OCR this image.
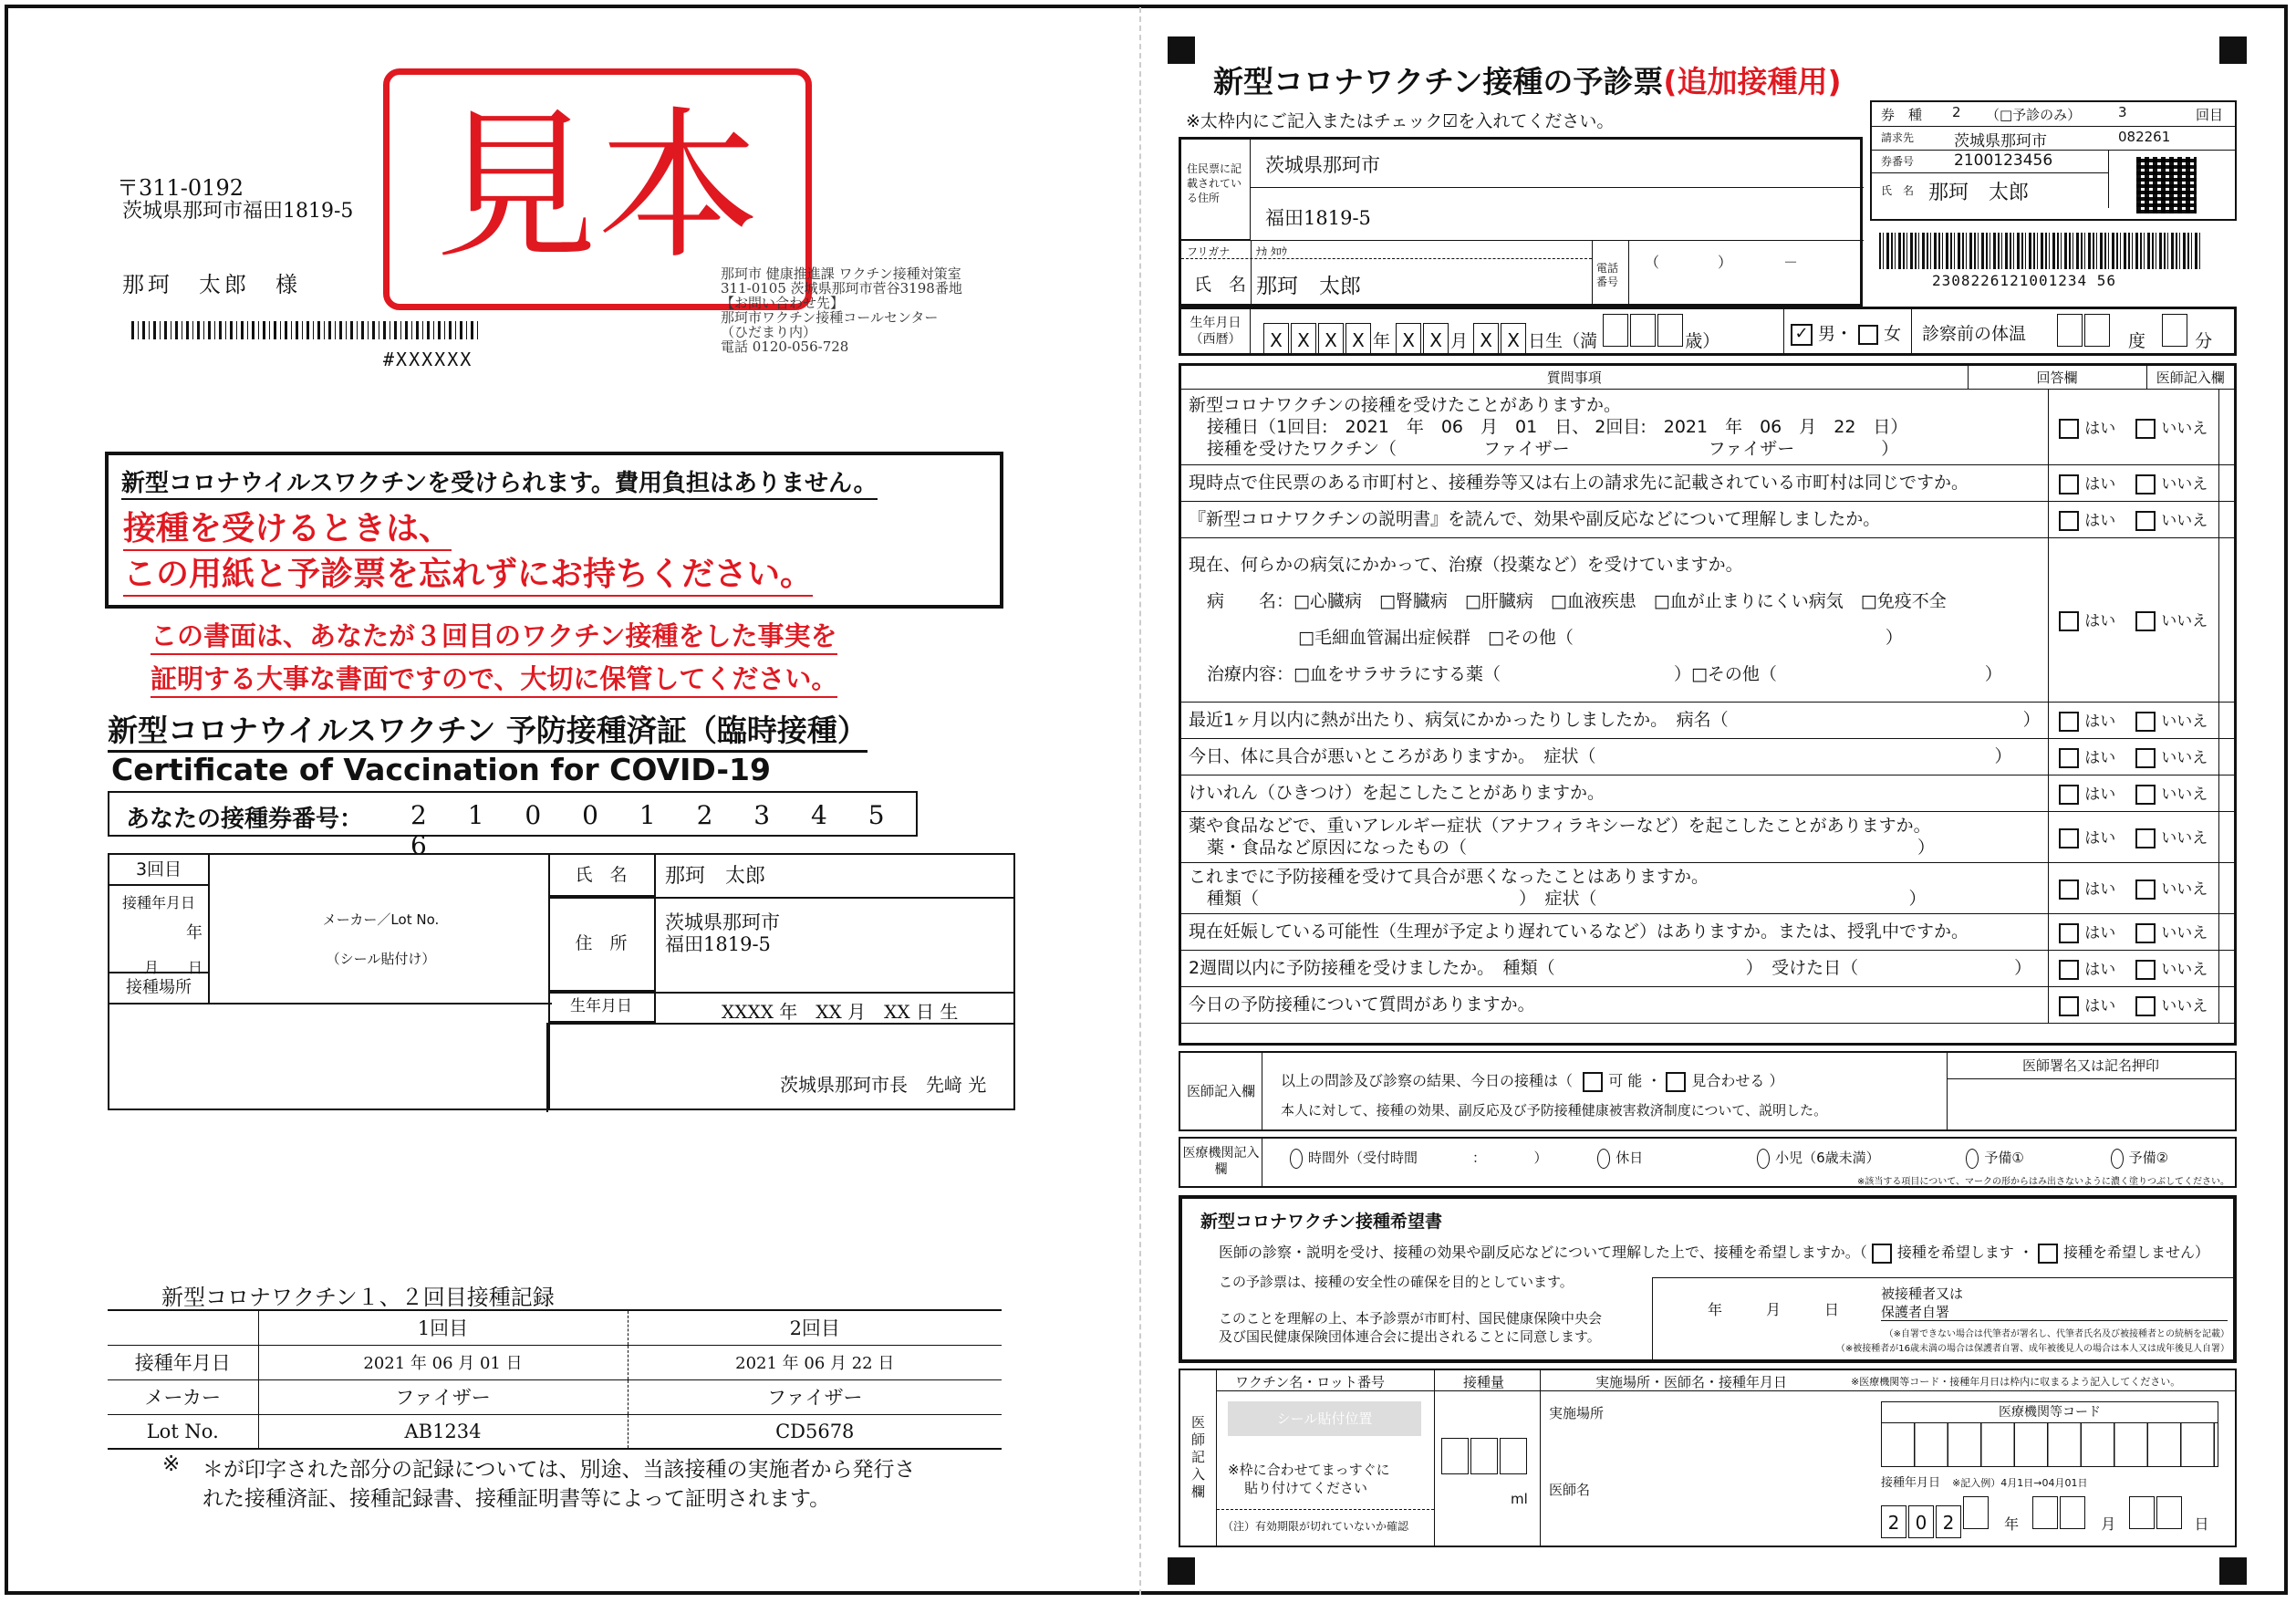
〒311-0192
茨城県那珂市福田1819-5
那珂　太郎　様
#XXXXXX
見本
那珂市 健康推進課 ワクチン接種対策室
311-0105 茨城県那珂市菅谷3198番地
【お問い合わせ先】
那珂市ワクチン接種コールセンター
（ひだまり内）
電話 0120-056-728
新型コロナウイルスワクチンを受けられます。費用負担はありません。
接種を受けるときは、
この用紙と予診票を忘れずにお持ちください。
この書面は、あなたが３回目のワクチン接種をした事実を
証明する大事な書面ですので、大切に保管してください。
新型コロナウイルスワクチン 予防接種済証（臨時接種）
Certificate of Vaccination for COVID-19
あなたの接種券番号： 2 1 0 0 1 2 3 4 5 6
3回目
接種年月日
年
月　　日
接種場所
メーカー／Lot No.
（シール貼付け）
氏　名	那珂　太郎
住　所
茨城県那珂市
福田1819-5
生年月日	XXXX 年　XX 月　XX 日 生
茨城県那珂市長　先﨑 光
新型コロナワクチン１、２回目接種記録
	1回目	2回目
接種年月日	2021 年 06 月 01 日	2021 年 06 月 22 日
メーカー	ファイザー	ファイザー
Lot No.	AB1234	CD5678
※ ＊が印字された部分の記録については、別途、当該接種の実施者から発行さ
れた接種済証、接種記録書、接種証明書等によって証明されます。
新型コロナワクチン接種の予診票(追加接種用)
※太枠内にご記入またはチェック☑を入れてください。	券　種 2 （□予診のみ）	3	回目
請求先	茨城県那珂市	082261
券番号	2100123456
氏　名 那珂　太郎
2308226121001234 56
住民票に記載されている住所
茨城県那珂市
福田1819-5
フリガナ ﾅｶ ﾀﾛｳ
氏　名 那珂　太郎
電話番号
（　　　　）　　　　－
生年月日（西暦）	X X X X 年 X X 月 X X 日生（満	歳）	✓ 男・ 女 診察前の体温	度	分
質問事項	回答欄	医師記入欄
新型コロナワクチンの接種を受けたことがありますか。
接種日（1回目:　2021　年　06　月　01　日、 2回目:　2021　年　06　月　22　日）
接種を受けたワクチン（　　　　　ファイザー　　　　　　　　ファイザー　　　　　）	はい いいえ	

現時点で住民票のある市町村と、接種券等又は右上の請求先に記載されている市町村は同じですか。	はい いいえ	

『新型コロナワクチンの説明書』を読んで、効果や副反応などについて理解しましたか。	はい いいえ	

現在、何らかの病気にかかって、治療（投薬など）を受けていますか。
病　　名：□心臓病　□腎臓病　□肝臓病　□血液疾患　□血が止まりにくい病気　□免疫不全
□毛細血管漏出症候群　□その他（　　　　　　　　　　　　　　　　　　）
治療内容：□血をサラサラにする薬（　　　　　　　　　　）□その他（　　　　　　　　　　　　）	はい いいえ	

最近1ヶ月以内に熱が出たり、病気にかかったりしましたか。　病名（　　　　　　　　　　　　　　　　　）	はい いいえ	

今日、体に具合が悪いところがありますか。　症状（　　　　　　　　　　　　　　　　　　　　　　　）	はい いいえ	

けいれん（ひきつけ）を起こしたことがありますか。	はい いいえ	

薬や食品などで、重いアレルギー症状（アナフィラキシーなど）を起こしたことがありますか。
薬・食品など原因になったもの（　　　　　　　　　　　　　　　　　　　　　　　　　　）	はい いいえ	

これまでに予防接種を受けて具合が悪くなったことはありますか。
種類（　　　　　　　　　　　　　　　）　症状（　　　　　　　　　　　　　　　　　　）	はい いいえ	

現在妊娠している可能性（生理が予定より遅れているなど）はありますか。または、授乳中ですか。	はい いいえ	

2週間以内に予防接種を受けましたか。　種類（　　　　　　　　　　　）　受けた日（　　　　　　　　　）	はい いいえ	

今日の予防接種について質問がありますか。	はい いいえ	
医師記入欄
以上の問診及び診察の結果、今日の接種は（ 可 能 ・ 見合わせる ）
本人に対して、接種の効果、副反応及び予防接種健康被害救済制度について、説明した。
医師署名又は記名押印
医療機関記入欄
時間外（受付時間　　　　：　　　　）	休日	小児（6歳未満）	予備①	予備②
※該当する項目について、マークの形からはみ出さないように濃く塗りつぶしてください。
新型コロナワクチン接種希望書
医師の診察・説明を受け、接種の効果や副反応などについて理解した上で、接種を希望しますか。（ 接種を希望します ・ 接種を希望しません）
この予診票は、接種の安全性の確保を目的としています。
このことを理解の上、本予診票が市町村、国民健康保険中央会
及び国民健康保険団体連合会に提出されることに同意します。
年　　　月　　　日
被接種者又は
保護者自署
（※自署できない場合は代筆者が署名し、代筆者氏名及び被接種者との続柄を記載）
（※被接種者が16歳未満の場合は保護者自署、成年被後見人の場合は本人又は成年後見人自署）
医師記入欄
ワクチン名・ロット番号	接種量	実施場所・医師名・接種年月日	※医療機関等コード・接種年月日は枠内に収まるよう記入してください。
シール貼付位置
※枠に合わせてまっすぐに
貼り付けてください
（注）有効期限が切れていないか確認
ml
実施場所
医師名
医療機関等コード
接種年月日　 ※記入例）4月1日→04月01日
2 0 2	年	月	日
